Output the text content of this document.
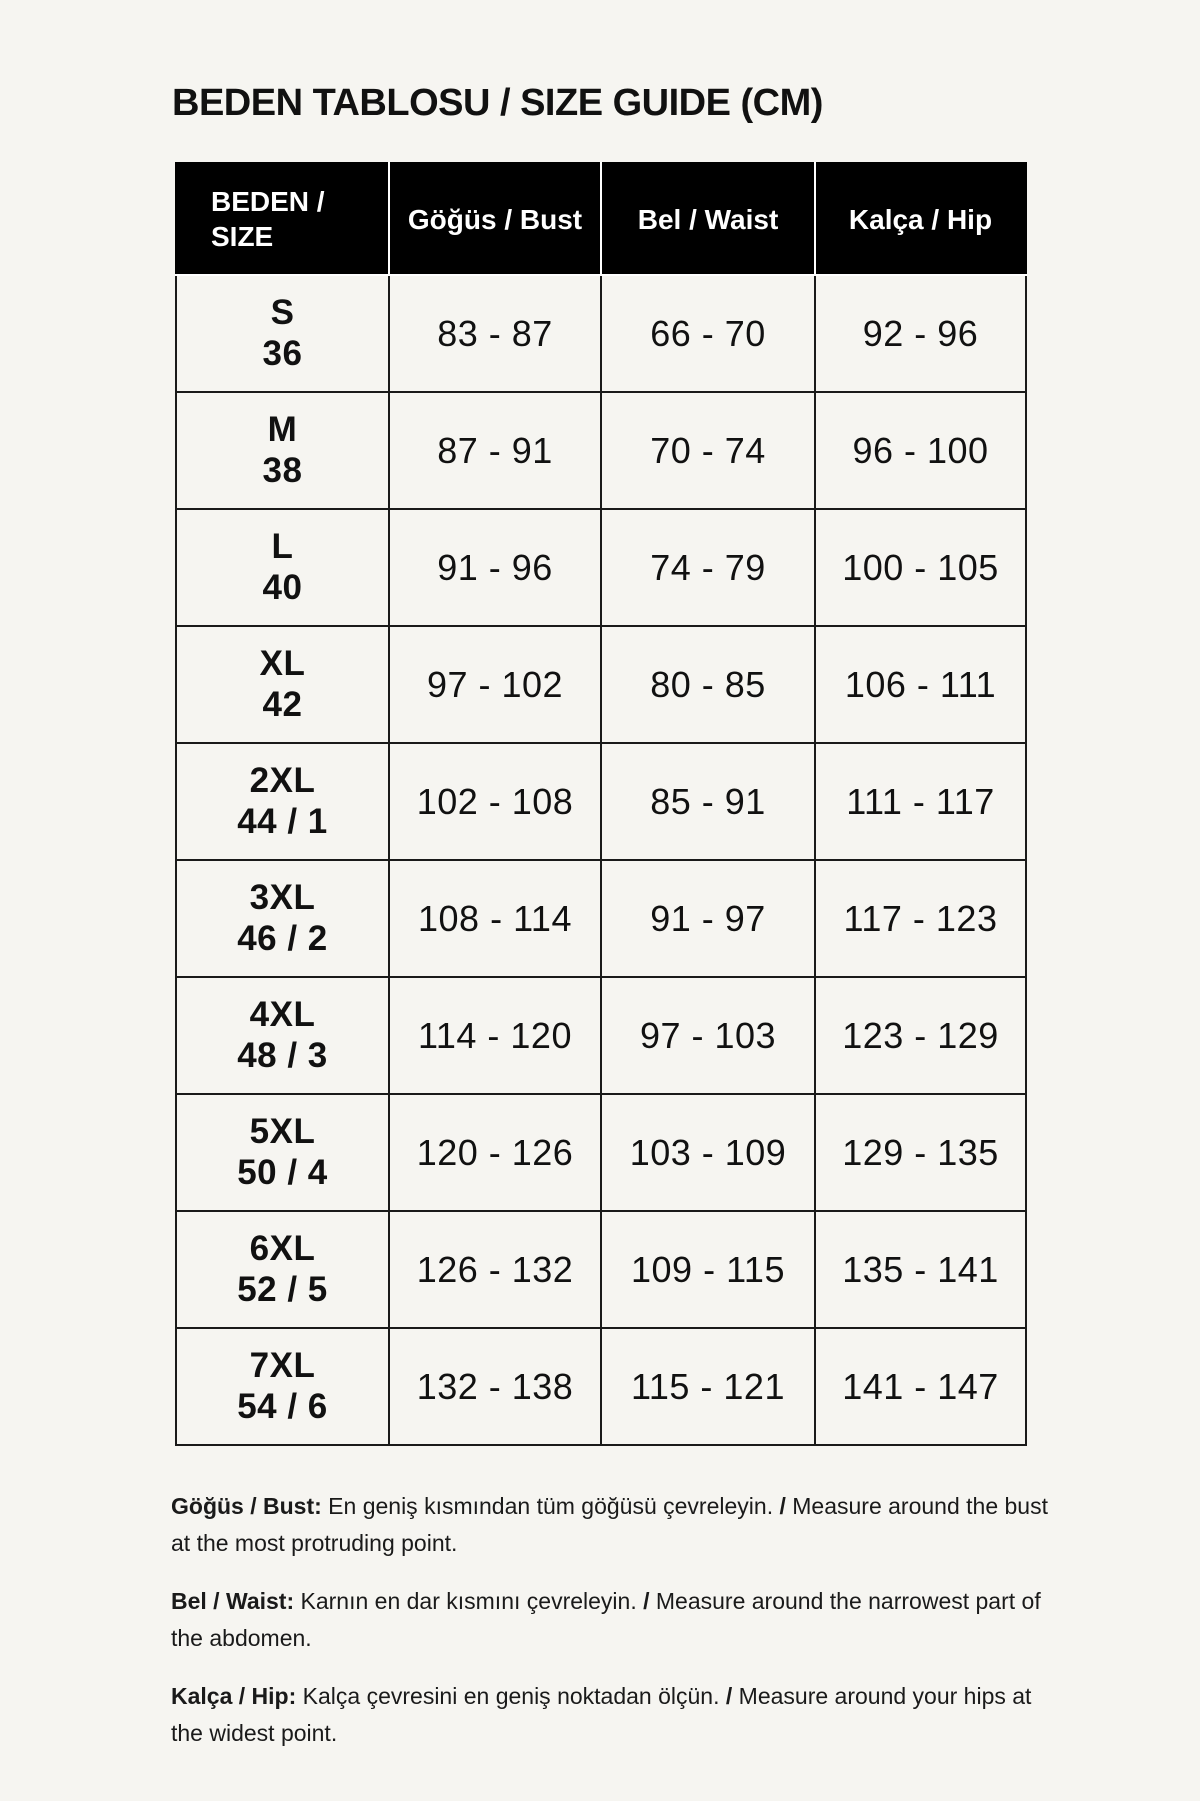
BEDEN TABLOSU / SIZE GUIDE (CM)
BEDEN /
SIZE	Göğüs / Bust	Bel / Waist	Kalça / Hip

S
36	83 - 87	66 - 70	92 - 96

M
38	87 - 91	70 - 74	96 - 100

L
40	91 - 96	74 - 79	100 - 105

XL
42	97 - 102	80 - 85	106 - 111

2XL
44 / 1	102 - 108	85 - 91	111 - 117

3XL
46 / 2	108 - 114	91 - 97	117 - 123

4XL
48 / 3	114 - 120	97 - 103	123 - 129

5XL
50 / 4	120 - 126	103 - 109	129 - 135

6XL
52 / 5	126 - 132	109 - 115	135 - 141

7XL
54 / 6	132 - 138	115 - 121	141 - 147

Göğüs / Bust: En geniş kısmından tüm göğüsü çevreleyin. / Measure around the bust at the most protruding point.

Bel / Waist: Karnın en dar kısmını çevreleyin. / Measure around the narrowest part of the abdomen.

Kalça / Hip: Kalça çevresini en geniş noktadan ölçün. / Measure around your hips at the widest point.
